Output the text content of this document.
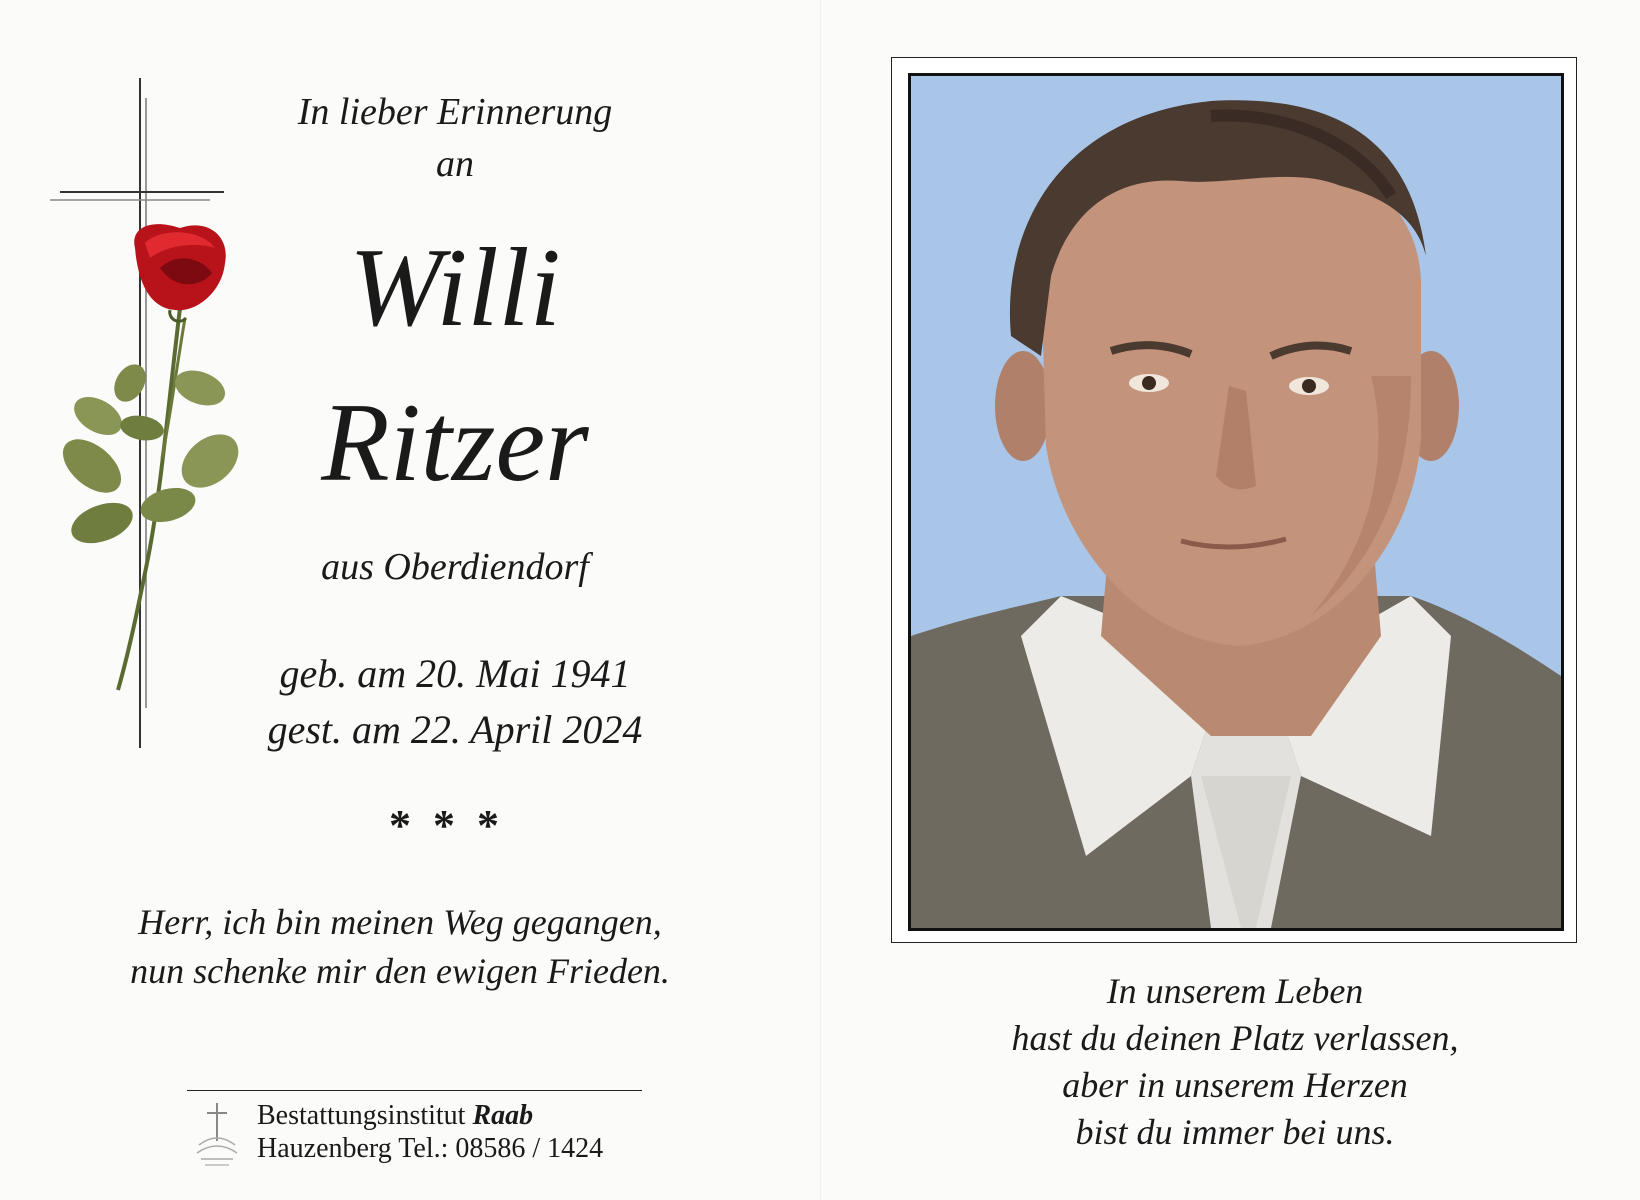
In lieber Erinnerung
an
Willi
Ritzer
aus Oberdiendorf
geb. am 20. Mai 1941
gest. am 22. April 2024
***
Herr, ich bin meinen Weg gegangen,
nun schenke mir den ewigen Frieden.
Bestattungsinstitut Raab
Hauzenberg Tel.: 08586 / 1424
In unserem Leben
hast du deinen Platz verlassen,
aber in unserem Herzen
bist du immer bei uns.
